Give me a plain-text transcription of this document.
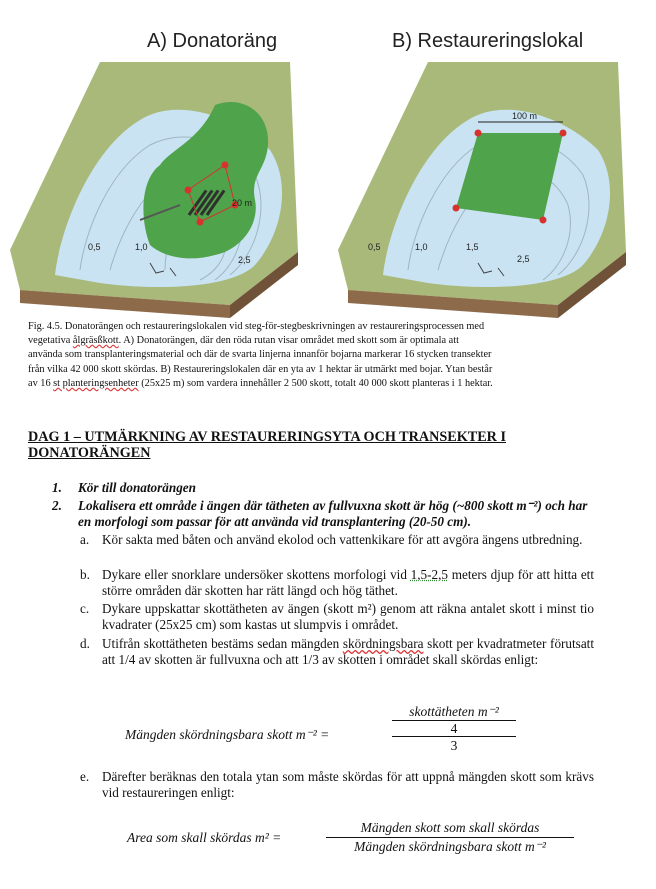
A) Donatoräng	B) Restaureringslokal
0,5	1,0
2,5
20 m
0,5	1,0	1,5
2,5
100 m
Fig. 4.5. Donatorängen och restaureringslokalen vid steg-för-stegbeskrivningen av restaureringsprocessen med
vegetativa ålgräsßkott. A) Donatorängen, där den röda rutan visar området med skott som är optimala att
använda som transplanteringsmaterial och där de svarta linjerna innanför bojarna markerar 16 stycken transekter
från vilka 42 000 skott skördas. B) Restaureringslokalen där en yta av 1 hektar är utmärkt med bojar. Ytan består
av 16 st planteringsenheter (25x25 m) som vardera innehåller 2 500 skott, totalt 40 000 skott planteras i 1 hektar.
DAG 1 – UTMÄRKNING AV RESTAURERINGSYTA OCH TRANSEKTER I DONATORÄNGEN
1. Kör till donatorängen
2. Lokalisera ett område i ängen där tätheten av fullvuxna skott är hög (~800 skott m⁻²) och har en morfologi som passar för att använda vid transplantering (20-50 cm).
a. Kör sakta med båten och använd ekolod och vattenkikare för att avgöra ängens utbredning.
b. Dykare eller snorklare undersöker skottens morfologi vid 1,5-2,5 meters djup för att hitta ett större områden där skotten har rätt längd och hög täthet.
c. Dykare uppskattar skottätheten av ängen (skott m²) genom att räkna antalet skott i minst tio kvadrater (25x25 cm) som kastas ut slumpvis i området.
d. Utifrån skottätheten bestäms sedan mängden skördningsbara skott per kvadratmeter förutsatt att 1/4 av skotten är fullvuxna och att 1/3 av skotten i området skall skördas enligt:
Mängden skördningsbara skott m⁻² =
skottätheten m⁻²
4
3
e. Därefter beräknas den totala ytan som måste skördas för att uppnå mängden skott som krävs vid restaureringen enligt:
Area som skall skördas m² =
Mängden skott som skall skördas
Mängden skördningsbara skott m⁻²
